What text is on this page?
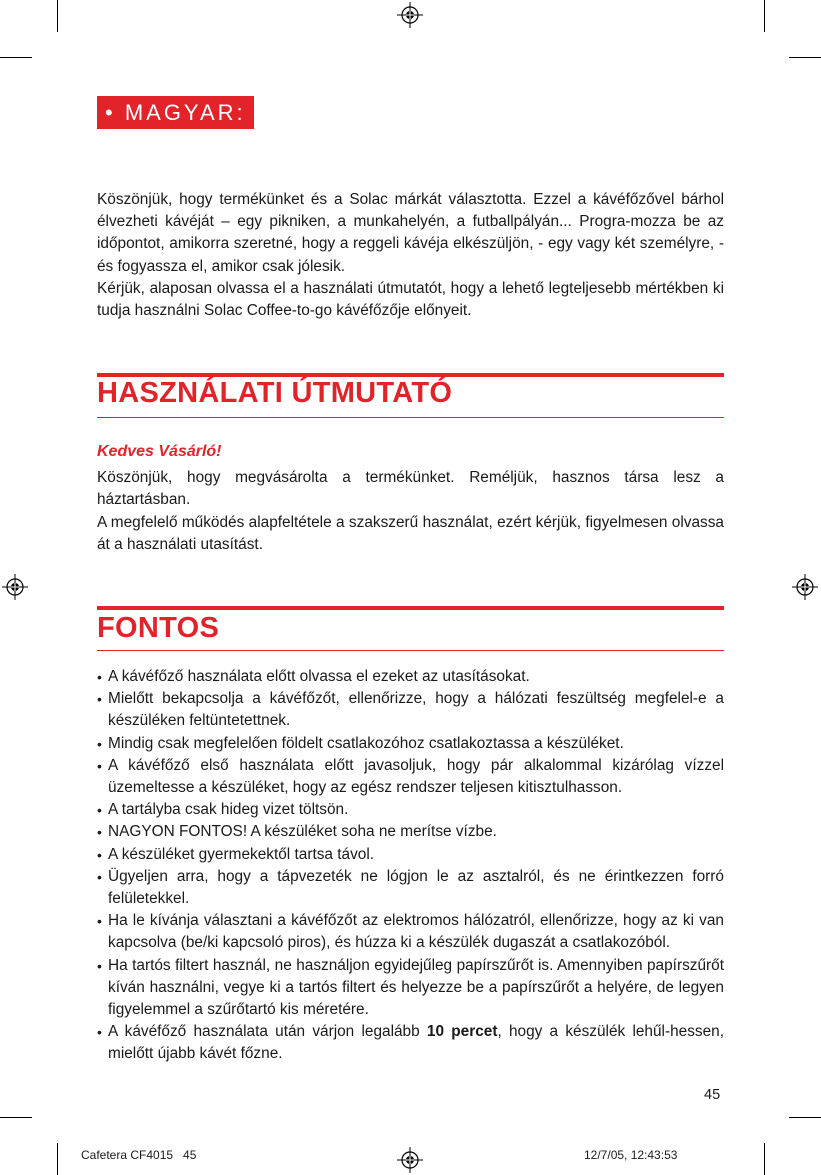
• MAGYAR:

Köszönjük, hogy termékünket és a Solac márkát választotta. Ezzel a kávéfőzővel bárhol élvezheti kávéját – egy pikniken, a munkahelyén, a futballpályán... Progra-mozza be az időpontot, amikorra szeretné, hogy a reggeli kávéja elkészüljön, - egy vagy két személyre, - és fogyassza el, amikor csak jólesik.

Kérjük, alaposan olvassa el a használati útmutatót, hogy a lehető legteljesebb mértékben ki tudja használni Solac Coffee-to-go kávéfőzője előnyeit.

HASZNÁLATI ÚTMUTATÓ
Kedves Vásárló!

Köszönjük, hogy megvásárolta a termékünket. Reméljük, hasznos társa lesz a háztartásban.

A megfelelő működés alapfeltétele a szakszerű használat, ezért kérjük, figyelmesen olvassa át a használati utasítást.

FONTOS
• A kávéfőző használata előtt olvassa el ezeket az utasításokat.
• Mielőtt bekapcsolja a kávéfőzőt, ellenőrizze, hogy a hálózati feszültség megfelel-e a készüléken feltüntetettnek.
• Mindig csak megfelelően földelt csatlakozóhoz csatlakoztassa a készüléket.
• A kávéfőző első használata előtt javasoljuk, hogy pár alkalommal kizárólag vízzel üzemeltesse a készüléket, hogy az egész rendszer teljesen kitisztulhasson.
• A tartályba csak hideg vizet töltsön.
• NAGYON FONTOS! A készüléket soha ne merítse vízbe.
• A készüléket gyermekektől tartsa távol.
• Ügyeljen arra, hogy a tápvezeték ne lógjon le az asztalról, és ne érintkezzen forró felületekkel.
• Ha le kívánja választani a kávéfőzőt az elektromos hálózatról, ellenőrizze, hogy az ki van kapcsolva (be/ki kapcsoló piros), és húzza ki a készülék dugaszát a csatlakozóból.
• Ha tartós filtert használ, ne használjon egyidejűleg papírszűrőt is. Amennyiben papírszűrőt kíván használni, vegye ki a tartós filtert és helyezze be a papírszűrőt a helyére, de legyen figyelemmel a szűrőtartó kis méretére.
• A kávéfőző használata után várjon legalább 10 percet, hogy a készülék lehűl-hessen, mielőtt újabb kávét főzne.
45
Cafetera CF4015   45	12/7/05, 12:43:53
